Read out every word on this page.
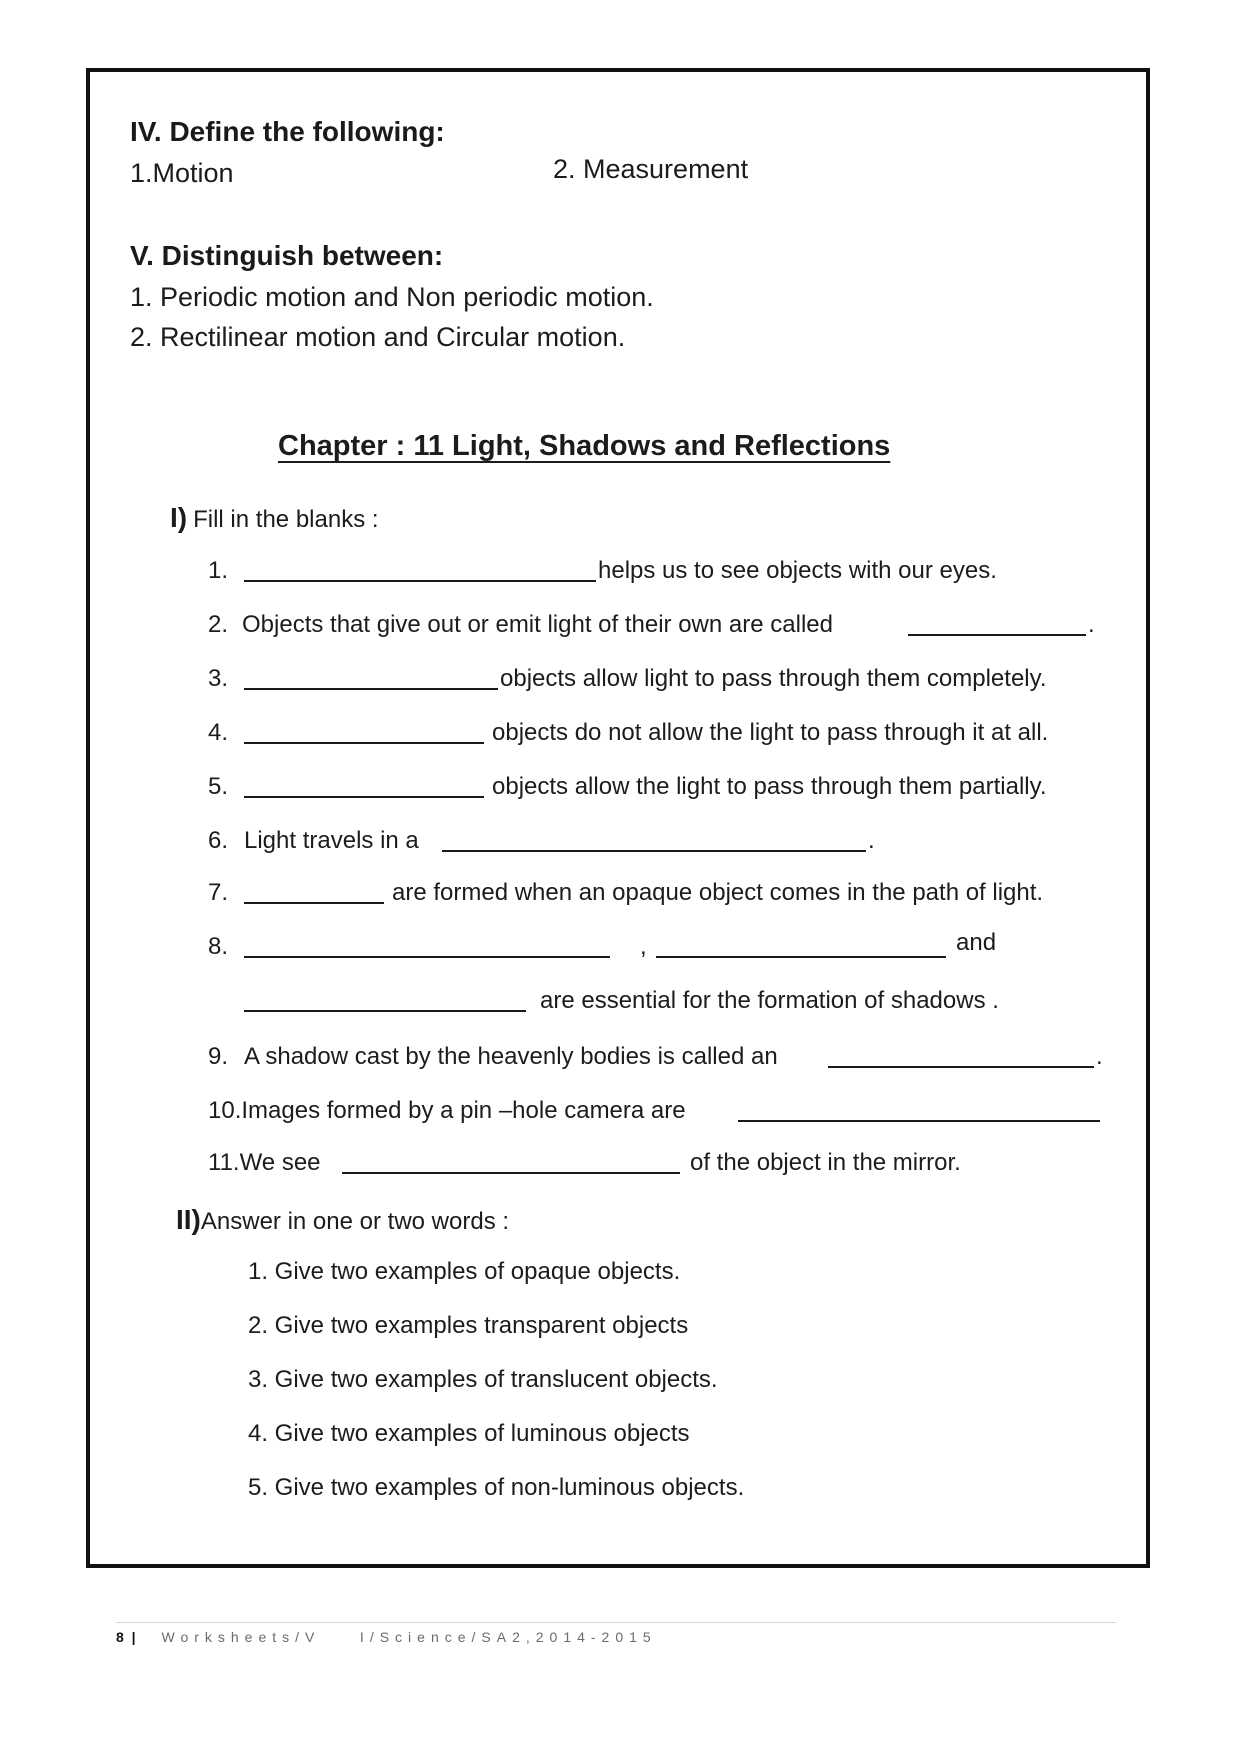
IV. Define the following:
1.Motion	2. Measurement
V. Distinguish between:
1. Periodic motion and Non periodic motion.
2. Rectilinear motion and Circular motion.
Chapter : 11 Light, Shadows and Reflections
I) Fill in the blanks :
1.	helps us to see objects with our eyes.
2. Objects that give out or emit light of their own are called	.
3.	objects allow light to pass through them completely.
4.	objects do not allow the light to pass through it at all.
5.	objects allow the light to pass through them partially.
6. Light travels in a	.
7.	are formed when an opaque object comes in the path of light.
8.	,	and
are essential for the formation of shadows .
9. A shadow cast by the heavenly bodies is called an	.
10.Images formed by a pin –hole camera are
11.We see	of the object in the mirror.
II)Answer in one or two words :
1. Give two examples of opaque objects.
2. Give two examples transparent objects
3. Give two examples of translucent objects.
4. Give two examples of luminous objects
5. Give two examples of non-luminous objects.
8 | Worksheets/V    I/Science/SA2,2014-2015
